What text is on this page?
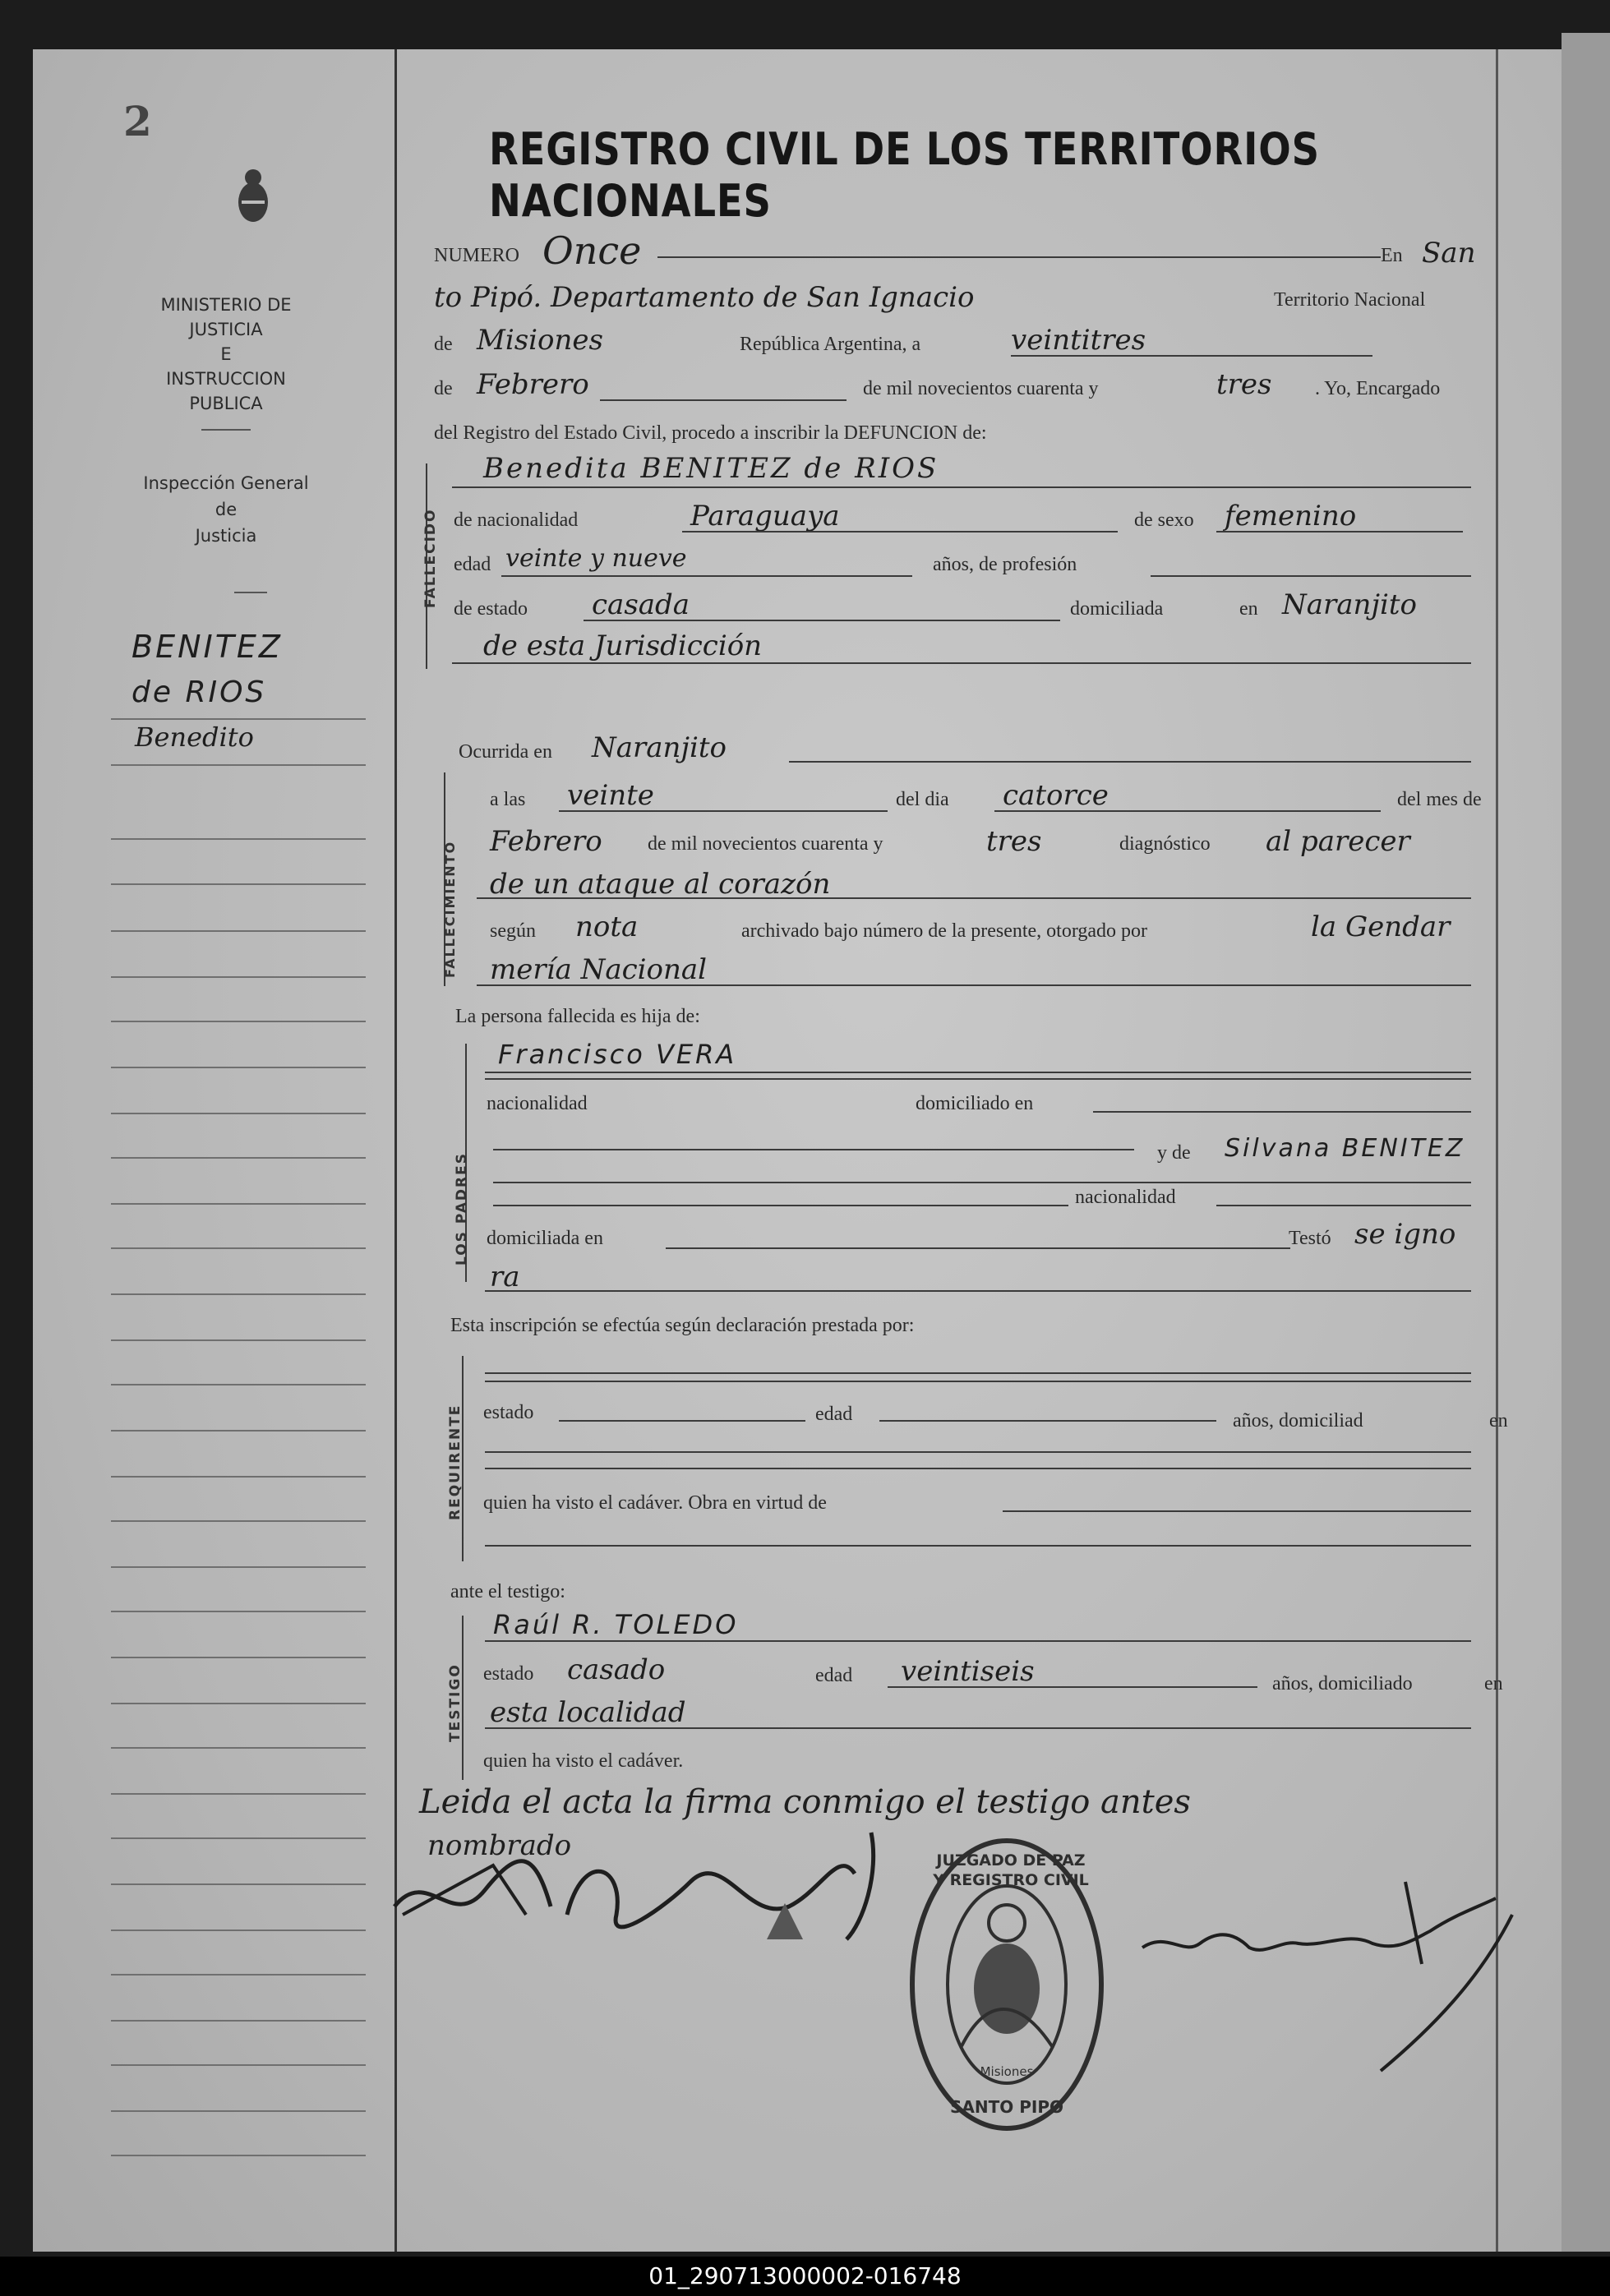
2
MINISTERIO DE JUSTICIA
E
INSTRUCCION PUBLICA
Inspección General
de
Justicia
BENITEZ
de RIOS
Benedito
REGISTRO CIVIL DE LOS TERRITORIOS NACIONALES
NUMERO Once	En San
to Pipó. Departamento de San Ignacio	Territorio Nacional
de Misiones	República Argentina, a	veintitres
de Febrero	de mil novecientos cuarenta y	tres . Yo, Encargado
del Registro del Estado Civil, procedo a inscribir la DEFUNCION de:
FALLECIDO
Benedita BENITEZ de RIOS
de nacionalidad	Paraguaya	de sexo femenino
edad veinte y nueve	años, de profesión
de estado casada	domiciliada	en Naranjito
de esta Jurisdicción
Ocurrida en Naranjito
FALLECIMIENTO
a las veinte	del dia catorce	del mes de
Febrero de mil novecientos cuarenta y	tres	diagnóstico al parecer
de un ataque al corazón
según nota	archivado bajo número de la presente, otorgado por	la Gendar
mería Nacional
La persona fallecida es hija de:
LOS PADRES
Francisco VERA
nacionalidad	domiciliado en
y de Silvana BENITEZ
nacionalidad
domiciliada en	Testó se igno
ra
Esta inscripción se efectúa según declaración prestada por:
REQUIRENTE estado	edad	años, domiciliad	en
quien ha visto el cadáver. Obra en virtud de
ante el testigo:
TESTIGO
Raúl R. TOLEDO
estado casado	edad veintiseis	años, domiciliado	en
esta localidad
quien ha visto el cadáver.
Leida el acta la firma conmigo el testigo antes
nombrado	JUZGADO DE PAZ Y REGISTRO CIVIL
Misiones
SANTO PIPO
01_290713000002-016748
